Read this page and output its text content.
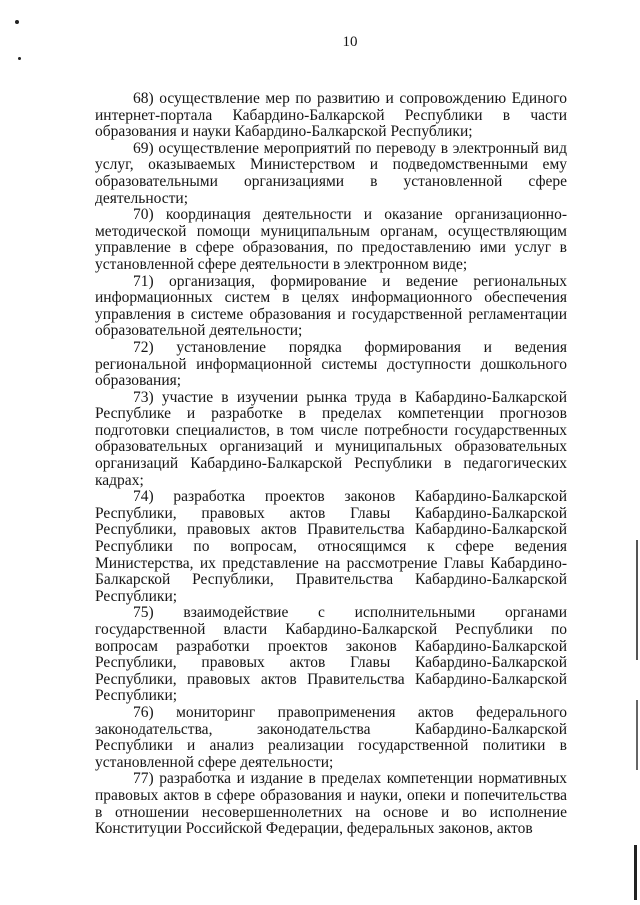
10

68) осуществление мер по развитию и сопровождению Единого интернет-портала Кабардино-Балкарской Республики в части образования и науки Кабардино-Балкарской Республики;

69) осуществление мероприятий по переводу в электронный вид услуг, оказываемых Министерством и подведомственными ему образовательными организациями в установленной сфере деятельности;

70) координация деятельности и оказание организационно-методической помощи муниципальным органам, осуществляющим управление в сфере образования, по предоставлению ими услуг в установленной сфере деятельности в электронном виде;

71) организация, формирование и ведение региональных информационных систем в целях информационного обеспечения управления в системе образования и государственной регламентации образовательной деятельности;

72) установление порядка формирования и ведения региональной информационной системы доступности дошкольного образования;

73) участие в изучении рынка труда в Кабардино-Балкарской Республике и разработке в пределах компетенции прогнозов подготовки специалистов, в том числе потребности государственных образовательных организаций и муниципальных образовательных организаций Кабардино-Балкарской Республики в педагогических кадрах;

74) разработка проектов законов Кабардино-Балкарской Республики, правовых актов Главы Кабардино-Балкарской Республики, правовых актов Правительства Кабардино-Балкарской Республики по вопросам, относящимся к сфере ведения Министерства, их представление на рассмотрение Главы Кабардино-Балкарской Республики, Правительства Кабардино-Балкарской Республики;

75) взаимодействие с исполнительными органами государственной власти Кабардино-Балкарской Республики по вопросам разработки проектов законов Кабардино-Балкарской Республики, правовых актов Главы Кабардино-Балкарской Республики, правовых актов Правительства Кабардино-Балкарской Республики;

76) мониторинг правоприменения актов федерального законодательства, законодательства Кабардино-Балкарской Республики и анализ реализации государственной политики в установленной сфере деятельности;

77) разработка и издание в пределах компетенции нормативных правовых актов в сфере образования и науки, опеки и попечительства в отношении несовершеннолетних на основе и во исполнение Конституции Российской Федерации, федеральных законов, актов
